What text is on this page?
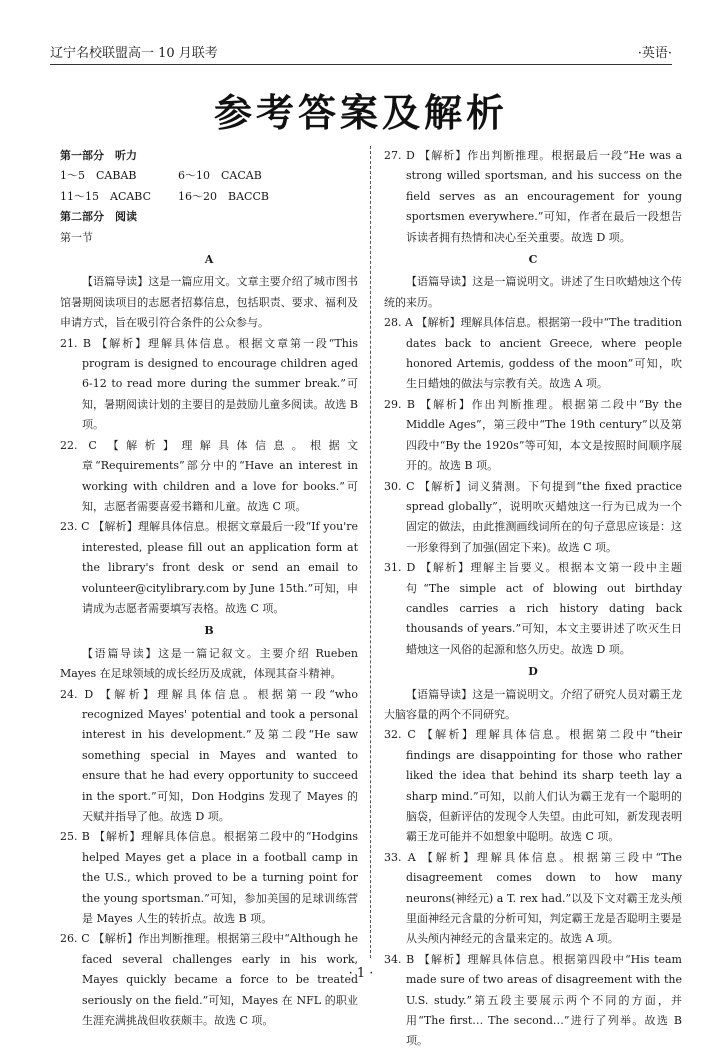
辽宁名校联盟高一 10 月联考	·英语·
参考答案及解析
第一部分　听力
1～5　CABAB	6～10　CACAB
11～15　ACABC 16～20　BACCB
第二部分　阅读
第一节
A
【语篇导读】这是一篇应用文。文章主要介绍了城市图书馆暑期阅读项目的志愿者招募信息，包括职责、要求、福利及申请方式，旨在吸引符合条件的公众参与。
21. B 【解析】理解具体信息。根据文章第一段“This program is designed to encourage children aged 6-12 to read more during the summer break.”可知，暑期阅读计划的主要目的是鼓励儿童多阅读。故选 B 项。
22. C 【解析】理解具体信息。根据文章“Requirements”部分中的“Have an interest in working with children and a love for books.”可知，志愿者需要喜爱书籍和儿童。故选 C 项。
23. C 【解析】理解具体信息。根据文章最后一段“If you're interested, please fill out an application form at the library's front desk or send an email to volunteer@citylibrary.com by June 15th.”可知，申请成为志愿者需要填写表格。故选 C 项。
B
【语篇导读】这是一篇记叙文。主要介绍 Rueben Mayes 在足球领域的成长经历及成就，体现其奋斗精神。
24. D 【解析】理解具体信息。根据第一段“who recognized Mayes' potential and took a personal interest in his development.”及第二段“He saw something special in Mayes and wanted to ensure that he had every opportunity to succeed in the sport.”可知，Don Hodgins 发现了 Mayes 的天赋并指导了他。故选 D 项。
25. B 【解析】理解具体信息。根据第二段中的“Hodgins helped Mayes get a place in a football camp in the U.S., which proved to be a turning point for the young sportsman.”可知，参加美国的足球训练营是 Mayes 人生的转折点。故选 B 项。
26. C 【解析】作出判断推理。根据第三段中“Although he faced several challenges early in his work, Mayes quickly became a force to be treated seriously on the field.”可知，Mayes 在 NFL 的职业生涯充满挑战但收获颇丰。故选 C 项。
27. D 【解析】作出判断推理。根据最后一段“He was a strong willed sportsman, and his success on the field serves as an encouragement for young sportsmen everywhere.”可知，作者在最后一段想告诉读者拥有热情和决心至关重要。故选 D 项。
C
【语篇导读】这是一篇说明文。讲述了生日吹蜡烛这个传统的来历。
28. A 【解析】理解具体信息。根据第一段中“The tradition dates back to ancient Greece, where people honored Artemis, goddess of the moon”可知，吹生日蜡烛的做法与宗教有关。故选 A 项。
29. B 【解析】作出判断推理。根据第二段中“By the Middle Ages”，第三段中“The 19th century”以及第四段中“By the 1920s”等可知，本文是按照时间顺序展开的。故选 B 项。
30. C 【解析】词义猜测。下句提到“the fixed practice spread globally”，说明吹灭蜡烛这一行为已成为一个固定的做法，由此推测画线词所在的句子意思应该是：这一形象得到了加强(固定下来)。故选 C 项。
31. D 【解析】理解主旨要义。根据本文第一段中主题句“The simple act of blowing out birthday candles carries a rich history dating back thousands of years.”可知，本文主要讲述了吹灭生日蜡烛这一风俗的起源和悠久历史。故选 D 项。
D
【语篇导读】这是一篇说明文。介绍了研究人员对霸王龙大脑容量的两个不同研究。
32. C 【解析】理解具体信息。根据第二段中“their findings are disappointing for those who rather liked the idea that behind its sharp teeth lay a sharp mind.”可知，以前人们认为霸王龙有一个聪明的脑袋，但新评估的发现令人失望。由此可知，新发现表明霸王龙可能并不如想象中聪明。故选 C 项。
33. A 【解析】理解具体信息。根据第三段中“The disagreement comes down to how many neurons(神经元) a T. rex had.”以及下文对霸王龙头颅里面神经元含量的分析可知，判定霸王龙是否聪明主要是从头颅内神经元的含量来定的。故选 A 项。
34. B 【解析】理解具体信息。根据第四段中“His team made sure of two areas of disagreement with the U.S. study.”第五段主要展示两个不同的方面，并用“The first… The second…”进行了列举。故选 B 项。
· 1 ·
